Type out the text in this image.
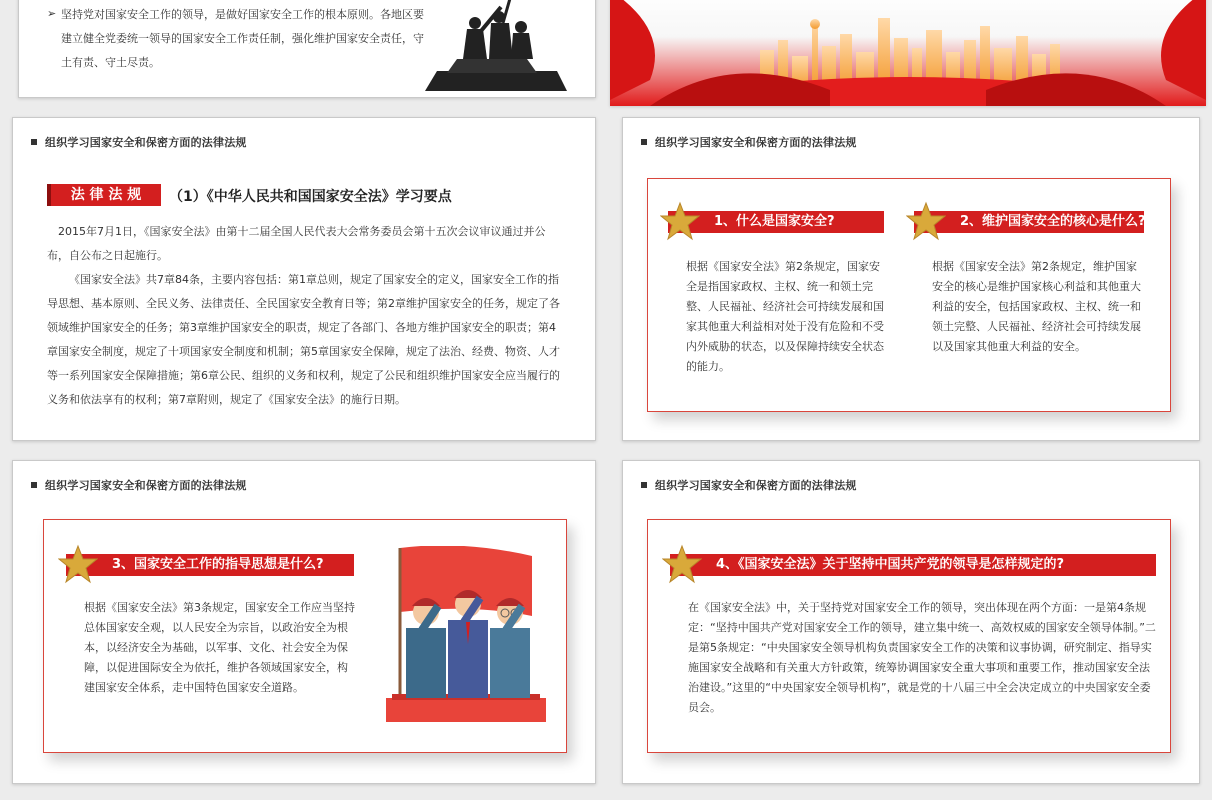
➢ 坚持党对国家安全工作的领导，是做好国家安全工作的根本原则。各地区要建立健全党委统一领导的国家安全工作责任制，强化维护国家安全责任，守土有责、守土尽责。
组织学习国家安全和保密方面的法律法规
法 律 法 规	（1）《中华人民共和国国家安全法》学习要点
2015年7月1日，《国家安全法》由第十二届全国人民代表大会常务委员会第十五次会议审议通过并公布，自公布之日起施行。
《国家安全法》共7章84条，主要内容包括：第1章总则，规定了国家安全的定义，国家安全工作的指导思想、基本原则、全民义务、法律责任、全民国家安全教育日等；第2章维护国家安全的任务，规定了各领域维护国家安全的任务；第3章维护国家安全的职责，规定了各部门、各地方维护国家安全的职责；第4章国家安全制度，规定了十项国家安全制度和机制；第5章国家安全保障，规定了法治、经费、物资、人才等一系列国家安全保障措施；第6章公民、组织的义务和权利，规定了公民和组织维护国家安全应当履行的义务和依法享有的权利；第7章附则，规定了《国家安全法》的施行日期。
组织学习国家安全和保密方面的法律法规
1、什么是国家安全?
根据《国家安全法》第2条规定，国家安全是指国家政权、主权、统一和领土完整、人民福祉、经济社会可持续发展和国家其他重大利益相对处于没有危险和不受内外威胁的状态，以及保障持续安全状态的能力。
2、维护国家安全的核心是什么?
根据《国家安全法》第2条规定，维护国家安全的核心是维护国家核心利益和其他重大利益的安全，包括国家政权、主权、统一和领土完整、人民福祉、经济社会可持续发展以及国家其他重大利益的安全。
组织学习国家安全和保密方面的法律法规
3、国家安全工作的指导思想是什么?
根据《国家安全法》第3条规定，国家安全工作应当坚持总体国家安全观，以人民安全为宗旨，以政治安全为根本，以经济安全为基础，以军事、文化、社会安全为保障，以促进国际安全为依托，维护各领域国家安全，构建国家安全体系，走中国特色国家安全道路。
组织学习国家安全和保密方面的法律法规
4、《国家安全法》关于坚持中国共产党的领导是怎样规定的?
在《国家安全法》中，关于坚持党对国家安全工作的领导，突出体现在两个方面：一是第4条规定：“坚持中国共产党对国家安全工作的领导，建立集中统一、高效权威的国家安全领导体制。”二是第5条规定：“中央国家安全领导机构负责国家安全工作的决策和议事协调，研究制定、指导实施国家安全战略和有关重大方针政策，统筹协调国家安全重大事项和重要工作，推动国家安全法治建设。”这里的“中央国家安全领导机构”，就是党的十八届三中全会决定成立的中央国家安全委员会。
